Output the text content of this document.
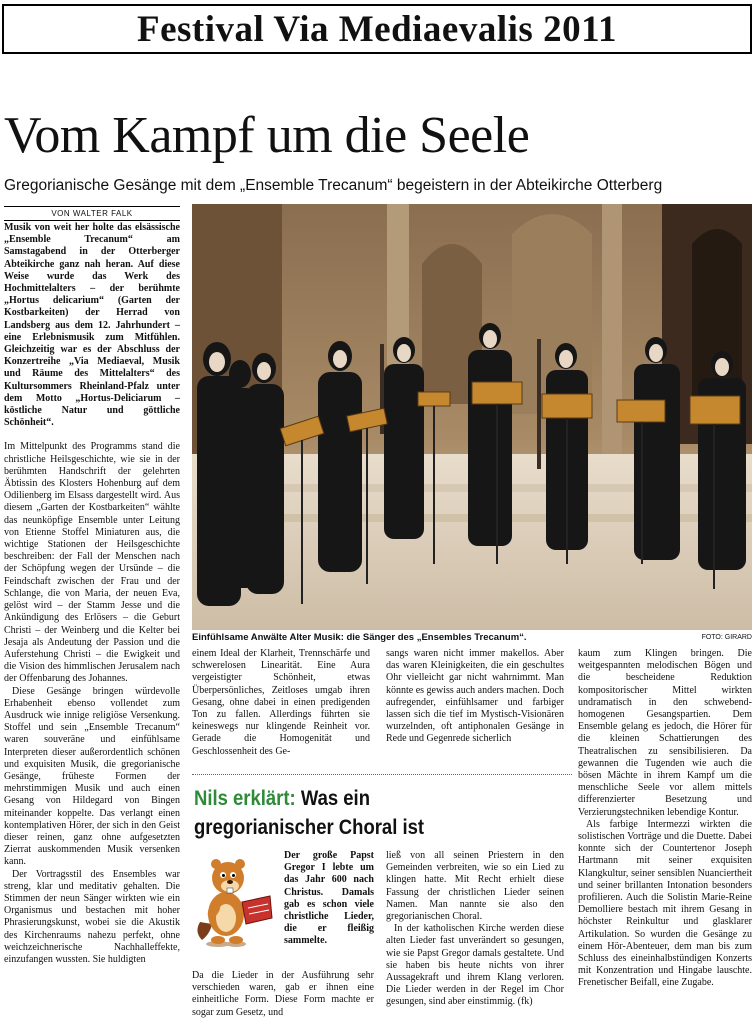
Festival Via Mediaevalis 2011
Vom Kampf um die Seele
Gregorianische Gesänge mit dem „Ensemble Trecanum“ begeistern in der Abteikirche Otterberg
VON WALTER FALK

Musik von weit her holte das elsässische „Ensemble Trecanum“ am Samstagabend in der Otterberger Abteikirche ganz nah heran. Auf diese Weise wurde das Werk des Hochmittelalters – der berühmte „Hortus delicarium“ (Garten der Kostbarkeiten) der Herrad von Landsberg aus dem 12. Jahrhundert – eine Erlebnismusik zum Mitfühlen. Gleichzeitig war es der Abschluss der Konzertreihe „Via Mediaeval, Musik und Räume des Mittelalters“ des Kultursommers Rheinland-Pfalz unter dem Motto „Hortus-Deliciarum – köstliche Natur und göttliche Schönheit“.

Im Mittelpunkt des Programms stand die christliche Heilsgeschichte, wie sie in der berühmten Handschrift der gelehrten Äbtissin des Klosters Hohenburg auf dem Odilienberg im Elsass dargestellt wird. Aus diesem „Garten der Kostbarkeiten“ wählte das neunköpfige Ensemble unter Leitung von Etienne Stoffel Miniaturen aus, die wichtige Stationen der Heilsgeschichte beschreiben: der Fall der Menschen nach der Schöpfung wegen der Ursünde – die Feindschaft zwischen der Frau und der Schlange, die von Maria, der neuen Eva, gelöst wird – der Stamm Jesse und die Ankündigung des Erlösers – die Geburt Christi – der Weinberg und die Kelter bei Jesaja als Andeutung der Passion und die Auferstehung Christi – die Ewigkeit und die Vision des himmlischen Jerusalem nach der Offenbarung des Johannes.

Diese Gesänge bringen würdevolle Erhabenheit ebenso vollendet zum Ausdruck wie innige religiöse Versenkung. Stoffel und sein „Ensemble Trecanum“ waren souveräne und einfühlsame Interpreten dieser außerordentlich schönen und exquisiten Musik, die gregorianische Gesänge, früheste Formen der mehrstimmigen Musik und auch einen Gesang von Hildegard von Bingen miteinander koppelte. Das verlangt einen kontemplativen Hörer, der sich in den Geist dieser reinen, ganz ohne aufgesetzten Zierrat auskommenden Musik versenken kann.

Der Vortragsstil des Ensembles war streng, klar und meditativ gehalten. Die Stimmen der neun Sänger wirkten wie ein Organismus und bestachen mit hoher Phrasierungskunst, wobei sie die Akustik des Kirchenraums nahezu perfekt, ohne weichzeichnerische Nachhalleffekte, einzufangen wussten. Sie huldigten

Einfühlsame Anwälte Alter Musik: die Sänger des „Ensembles Trecanum“.	FOTO: GIRARD

einem Ideal der Klarheit, Trennschärfe und schwerelosen Linearität. Eine Aura vergeistigter Schönheit, etwas Überpersönliches, Zeitloses umgab ihren Gesang, ohne dabei in einen predigenden Ton zu fallen. Allerdings führten sie keineswegs nur klingende Reinheit vor. Gerade die Homogenität und Geschlossenheit des Ge-

sangs waren nicht immer makellos. Aber das waren Kleinigkeiten, die ein geschultes Ohr vielleicht gar nicht wahrnimmt. Man könnte es gewiss auch anders machen. Doch aufregender, einfühlsamer und farbiger lassen sich die tief im Mystisch-Visionären wurzelnden, oft antiphonalen Gesänge in Rede und Gegenrede sicherlich

kaum zum Klingen bringen. Die weitgespannten melodischen Bögen und die bescheidene Reduktion kompositorischer Mittel wirkten undramatisch in den schwebend-homogenen Gesangspartien. Dem Ensemble gelang es jedoch, die Hörer für die kleinen Schattierungen des Theatralischen zu sensibilisieren. Da gewannen die Tugenden wie auch die bösen Mächte in ihrem Kampf um die menschliche Seele vor allem mittels differenzierter Besetzung und Verzierungstechniken lebendige Kontur.

Als farbige Intermezzi wirkten die solistischen Vorträge und die Duette. Dabei konnte sich der Countertenor Joseph Hartmann mit seiner exquisiten Klangkultur, seiner sensiblen Nuanciertheit und seiner brillanten Intonation besonders profilieren. Auch die Solistin Marie-Reine Demolliere bestach mit ihrem Gesang in höchster Reinkultur und glasklarer Artikulation. So wurden die Gesänge zu einem Hör-Abenteuer, dem man bis zum Schluss des eineinhalbstündigen Konzerts mit Konzentration und Hingabe lauschte. Frenetischer Beifall, eine Zugabe.

Nils erklärt: Was ein
gregorianischer Choral ist

Der große Papst Gregor I lebte um das Jahr 600 nach Christus. Damals gab es schon viele christliche Lieder, die er fleißig sammelte.

Da die Lieder in der Ausführung sehr verschieden waren, gab er ihnen eine einheitliche Form. Diese Form machte er sogar zum Gesetz, und

ließ von all seinen Priestern in den Gemeinden verbreiten, wie so ein Lied zu klingen hatte. Mit Recht erhielt diese Fassung der christlichen Lieder seinen Namen. Man nannte sie also den gregorianischen Choral.

In der katholischen Kirche werden diese alten Lieder fast unverändert so gesungen, wie sie Papst Gregor damals gestaltete. Und sie haben bis heute nichts von ihrer Aussagekraft und ihrem Klang verloren. Die Lieder werden in der Regel im Chor gesungen, sind aber einstimmig. (fk)
